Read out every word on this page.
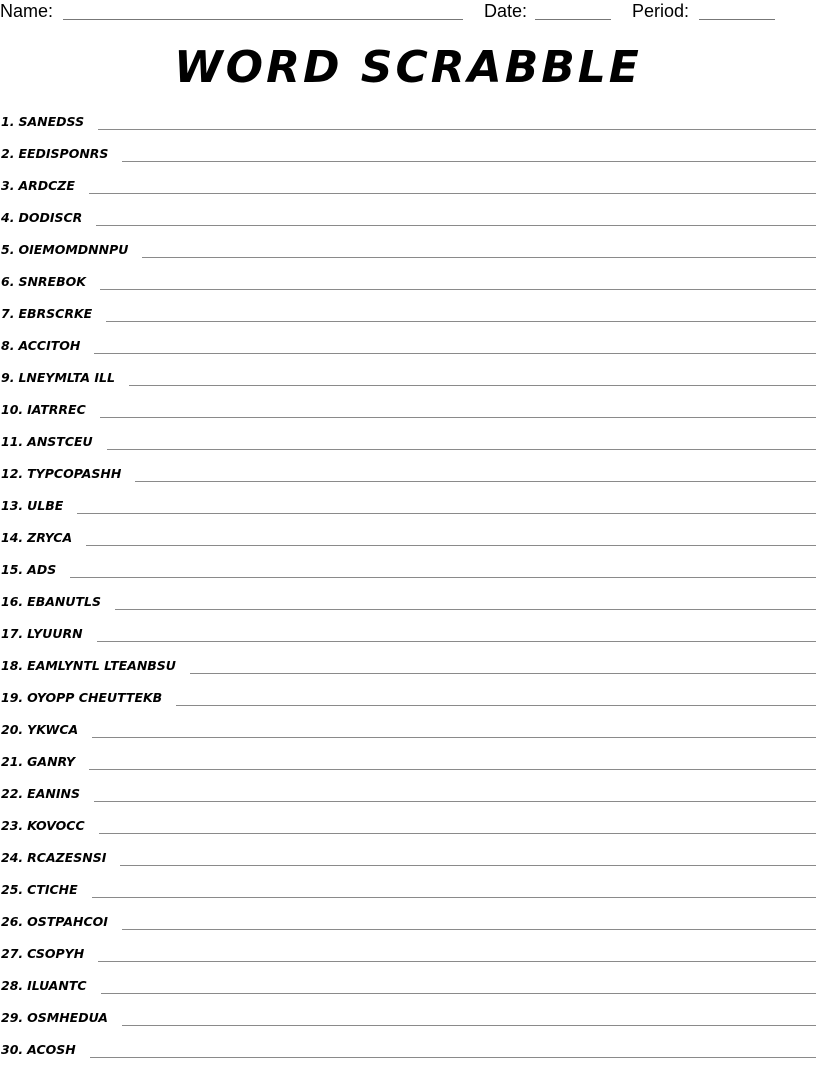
Name:	Date:	Period:
WORD SCRABBLE
1. SANEDSS
2. EEDISPONRS
3. ARDCZE
4. DODISCR
5. OIEMOMDNNPU
6. SNREBOK
7. EBRSCRKE
8. ACCITOH
9. LNEYMLTA ILL
10. IATRREC
11. ANSTCEU
12. TYPCOPASHH
13. ULBE
14. ZRYCA
15. ADS
16. EBANUTLS
17. LYUURN
18. EAMLYNTL LTEANBSU
19. OYOPP CHEUTTEKB
20. YKWCA
21. GANRY
22. EANINS
23. KOVOCC
24. RCAZESNSI
25. CTICHE
26. OSTPAHCOI
27. CSOPYH
28. ILUANTC
29. OSMHEDUA
30. ACOSH
